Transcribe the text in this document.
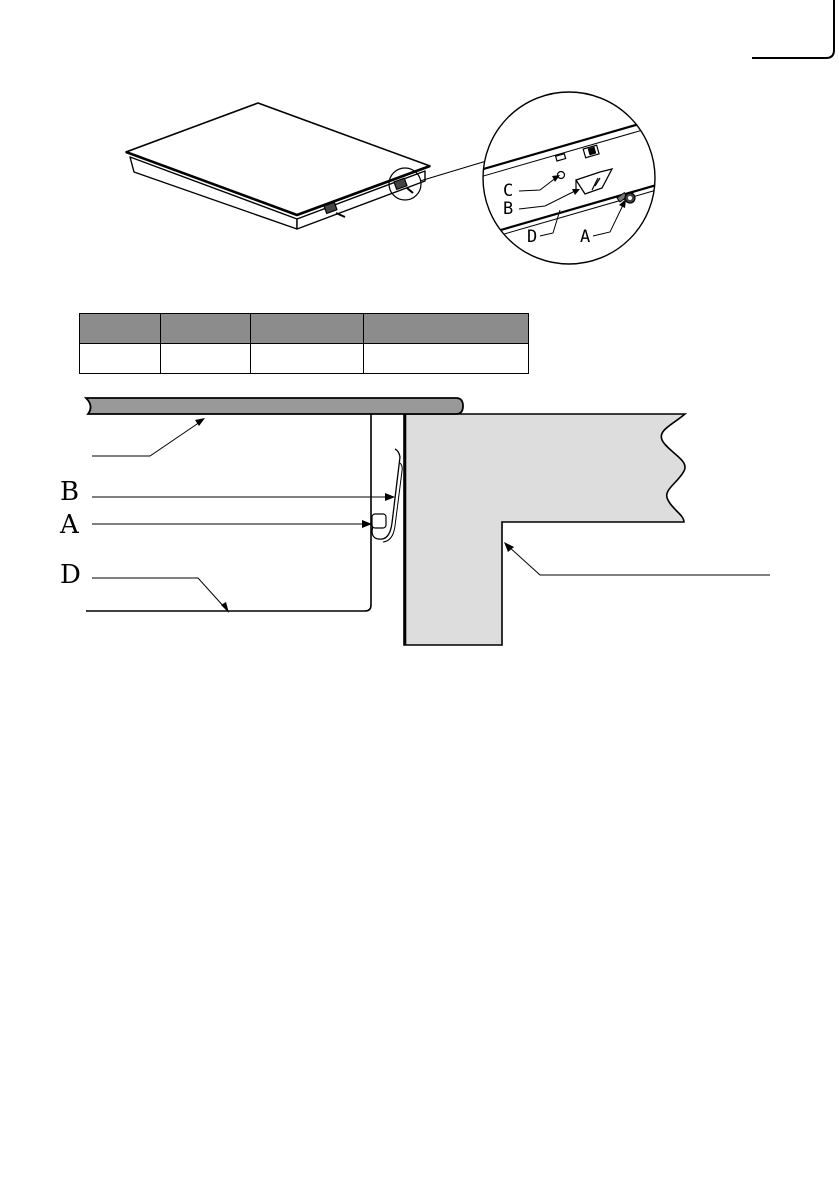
C
B
D	A
B
A
D
